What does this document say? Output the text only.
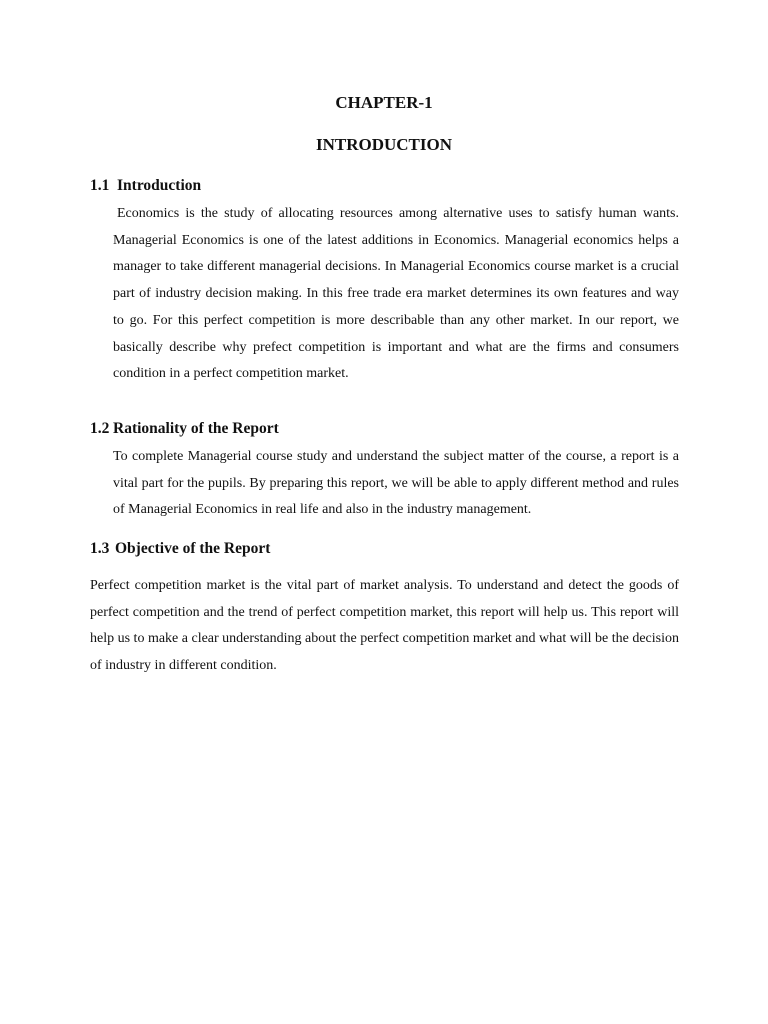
CHAPTER-1
INTRODUCTION
1.1 Introduction

Economics is the study of allocating resources among alternative uses to satisfy human wants. Managerial Economics is one of the latest additions in Economics. Managerial economics helps a manager to take different managerial decisions. In Managerial Economics course market is a crucial part of industry decision making. In this free trade era market determines its own features and way to go. For this perfect competition is more describable than any other market. In our report, we basically describe why prefect competition is important and what are the firms and consumers condition in a perfect competition market.

1.2 Rationality of the Report

To complete Managerial course study and understand the subject matter of the course, a report is a vital part for the pupils. By preparing this report, we will be able to apply different method and rules of Managerial Economics in real life and also in the industry management.

1.3 Objective of the Report

Perfect competition market is the vital part of market analysis. To understand and detect the goods of perfect competition and the trend of perfect competition market, this report will help us. This report will help us to make a clear understanding about the perfect competition market and what will be the decision of industry in different condition.
